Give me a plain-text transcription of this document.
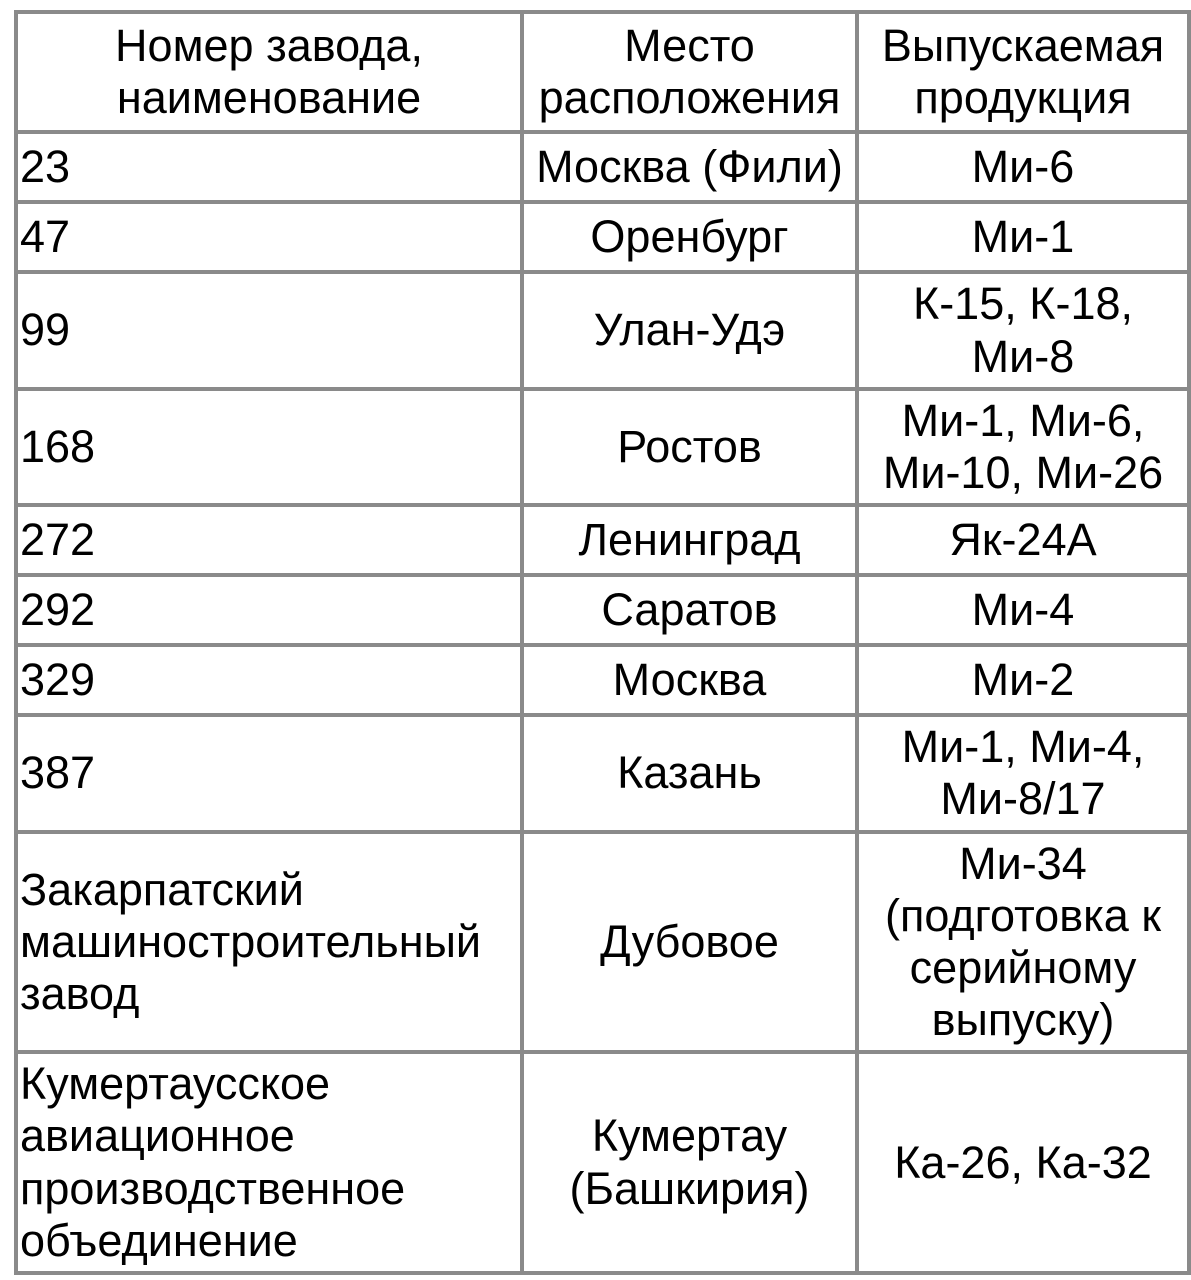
Номер завода, наименование	Место расположения	Выпускаемая продукция
23	Москва (Фили)	Ми-6
47	Оренбург	Ми-1
99	Улан-Удэ	К-15, К-18, Ми-8
168	Ростов	Ми-1, Ми-6, Ми-10, Ми-26
272	Ленинград	Як-24А
292	Саратов	Ми-4
329	Москва	Ми-2
387	Казань	Ми-1, Ми-4, Ми-8/17
Закарпатский машиностроительный завод	Дубовое	Ми-34 (подготовка к серийному выпуску)
Кумертаусское авиационное производственное объединение	Кумертау (Башкирия)	Ка-26, Ка-32
